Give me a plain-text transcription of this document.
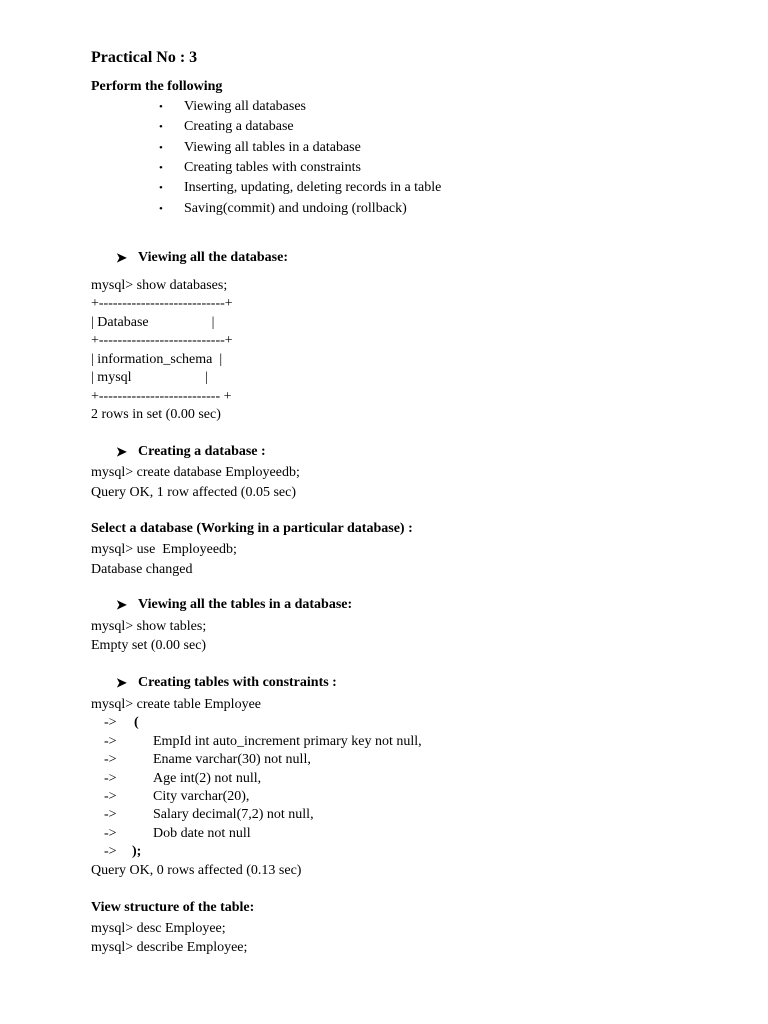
Practical No : 3
Perform the following
• Viewing all databases
• Creating a database
• Viewing all tables in a database
• Creating tables with constraints
• Inserting, updating, deleting records in a table
• Saving(commit) and undoing (rollback)
➤ Viewing all the database:
mysql> show databases;
+---------------------------+
| Database                  |
+---------------------------+
| information_schema  |
| mysql                     |
+-------------------------- +
2 rows in set (0.00 sec)
➤ Creating a database :
mysql> create database Employeedb;
Query OK, 1 row affected (0.05 sec)
Select a database (Working in a particular database) :
mysql> use  Employeedb;
Database changed
➤ Viewing all the tables in a database:
mysql> show tables;
Empty set (0.00 sec)
➤ Creating tables with constraints :
mysql> create table Employee
-> (
->	EmpId int auto_increment primary key not null,
->	Ename varchar(30) not null,
->	Age int(2) not null,
->	City varchar(20),
->	Salary decimal(7,2) not null,
->	Dob date not null
-> );
Query OK, 0 rows affected (0.13 sec)
View structure of the table:
mysql> desc Employee;
mysql> describe Employee;
